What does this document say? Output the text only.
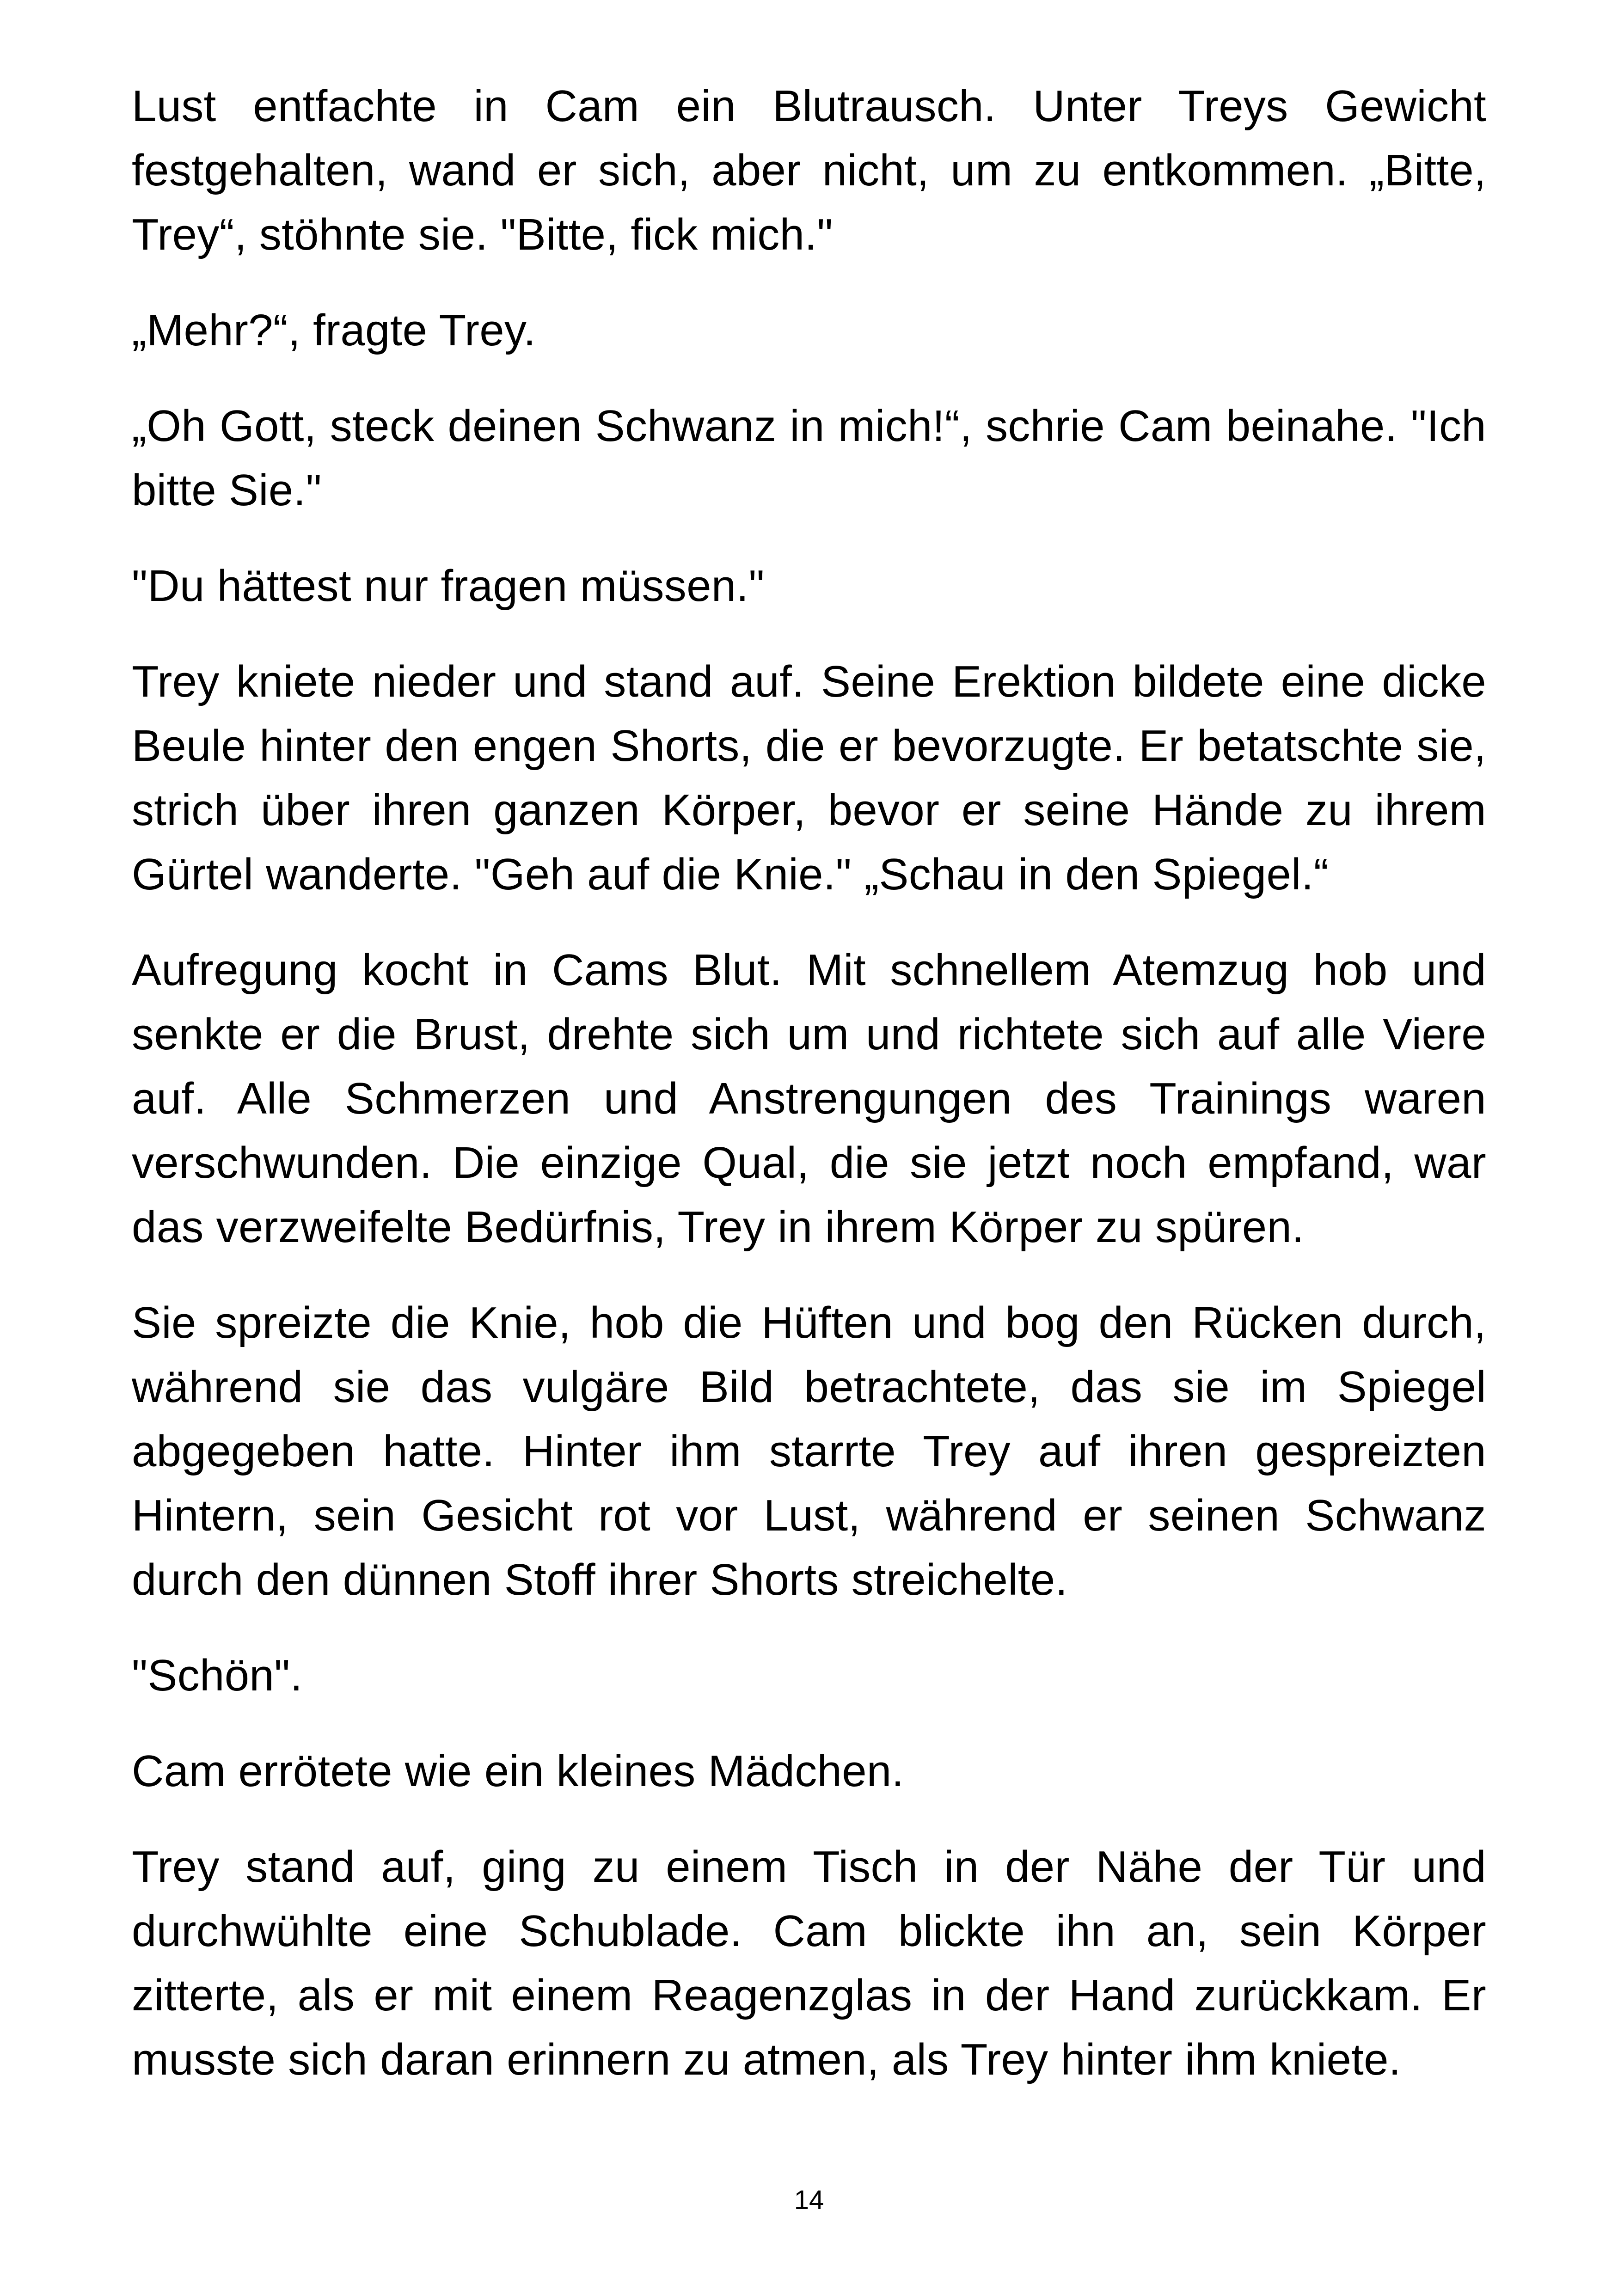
Lust entfachte in Cam ein Blutrausch. Unter Treys Gewicht festgehalten, wand er sich, aber nicht, um zu entkommen. „Bitte, Trey“, stöhnte sie. "Bitte, fick mich."

„Mehr?“, fragte Trey.

„Oh Gott, steck deinen Schwanz in mich!“, schrie Cam beinahe. "Ich bitte Sie."

"Du hättest nur fragen müssen."

Trey kniete nieder und stand auf. Seine Erektion bildete eine dicke Beule hinter den engen Shorts, die er bevorzugte. Er betatschte sie, strich über ihren ganzen Körper, bevor er seine Hände zu ihrem Gürtel wanderte. "Geh auf die Knie." „Schau in den Spiegel.“

Aufregung kocht in Cams Blut. Mit schnellem Atemzug hob und senkte er die Brust, drehte sich um und richtete sich auf alle Viere auf. Alle Schmerzen und Anstrengungen des Trainings waren verschwunden. Die einzige Qual, die sie jetzt noch empfand, war das verzweifelte Bedürfnis, Trey in ihrem Körper zu spüren.

Sie spreizte die Knie, hob die Hüften und bog den Rücken durch, während sie das vulgäre Bild betrachtete, das sie im Spiegel abgegeben hatte. Hinter ihm starrte Trey auf ihren gespreizten Hintern, sein Gesicht rot vor Lust, während er seinen Schwanz durch den dünnen Stoff ihrer Shorts streichelte.

"Schön".

Cam errötete wie ein kleines Mädchen.

Trey stand auf, ging zu einem Tisch in der Nähe der Tür und durchwühlte eine Schublade. Cam blickte ihn an, sein Körper zitterte, als er mit einem Reagenzglas in der Hand zurückkam. Er musste sich daran erinnern zu atmen, als Trey hinter ihm kniete.

14
